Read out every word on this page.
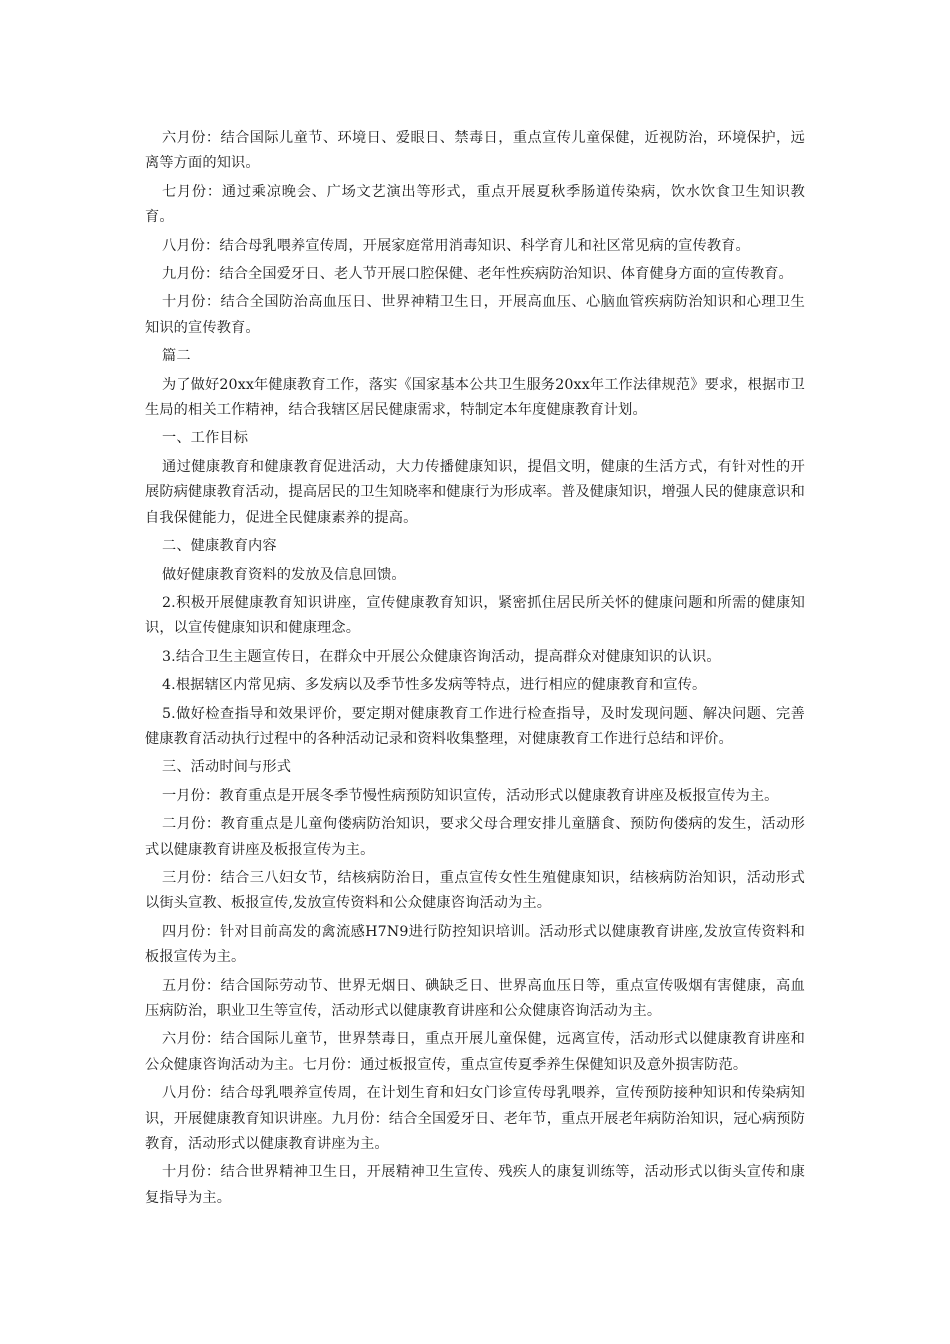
六月份：结合国际儿童节、环境日、爱眼日、禁毒日，重点宣传儿童保健，近视防治，环境保护，远离等方面的知识。

七月份：通过乘凉晚会、广场文艺演出等形式，重点开展夏秋季肠道传染病，饮水饮食卫生知识教育。

八月份：结合母乳喂养宣传周，开展家庭常用消毒知识、科学育儿和社区常见病的宣传教育。

九月份：结合全国爱牙日、老人节开展口腔保健、老年性疾病防治知识、体育健身方面的宣传教育。

十月份：结合全国防治高血压日、世界神精卫生日，开展高血压、心脑血管疾病防治知识和心理卫生知识的宣传教育。

篇二

为了做好20xx年健康教育工作，落实《国家基本公共卫生服务20xx年工作法律规范》要求，根据市卫生局的相关工作精神，结合我辖区居民健康需求，特制定本年度健康教育计划。

一、工作目标

通过健康教育和健康教育促进活动，大力传播健康知识，提倡文明，健康的生活方式，有针对性的开展防病健康教育活动，提高居民的卫生知晓率和健康行为形成率。普及健康知识，增强人民的健康意识和自我保健能力，促进全民健康素养的提高。

二、健康教育内容

做好健康教育资料的发放及信息回馈。

2.积极开展健康教育知识讲座，宣传健康教育知识，紧密抓住居民所关怀的健康问题和所需的健康知识，以宣传健康知识和健康理念。

3.结合卫生主题宣传日，在群众中开展公众健康咨询活动，提高群众对健康知识的认识。

4.根据辖区内常见病、多发病以及季节性多发病等特点，进行相应的健康教育和宣传。

5.做好检查指导和效果评价，要定期对健康教育工作进行检查指导，及时发现问题、解决问题、完善健康教育活动执行过程中的各种活动记录和资料收集整理，对健康教育工作进行总结和评价。

三、活动时间与形式

一月份：教育重点是开展冬季节慢性病预防知识宣传，活动形式以健康教育讲座及板报宣传为主。

二月份：教育重点是儿童佝偻病防治知识，要求父母合理安排儿童膳食、预防佝偻病的发生，活动形式以健康教育讲座及板报宣传为主。

三月份：结合三八妇女节，结核病防治日，重点宣传女性生殖健康知识，结核病防治知识，活动形式以街头宣教、板报宣传,发放宣传资料和公众健康咨询活动为主。

四月份：针对目前高发的禽流感H7N9进行防控知识培训。活动形式以健康教育讲座,发放宣传资料和板报宣传为主。

五月份：结合国际劳动节、世界无烟日、碘缺乏日、世界高血压日等，重点宣传吸烟有害健康，高血压病防治，职业卫生等宣传，活动形式以健康教育讲座和公众健康咨询活动为主。

六月份：结合国际儿童节，世界禁毒日，重点开展儿童保健，远离宣传，活动形式以健康教育讲座和公众健康咨询活动为主。七月份：通过板报宣传，重点宣传夏季养生保健知识及意外损害防范。

八月份：结合母乳喂养宣传周，在计划生育和妇女门诊宣传母乳喂养，宣传预防接种知识和传染病知识，开展健康教育知识讲座。九月份：结合全国爱牙日、老年节，重点开展老年病防治知识，冠心病预防教育，活动形式以健康教育讲座为主。

十月份：结合世界精神卫生日，开展精神卫生宣传、残疾人的康复训练等，活动形式以街头宣传和康复指导为主。
